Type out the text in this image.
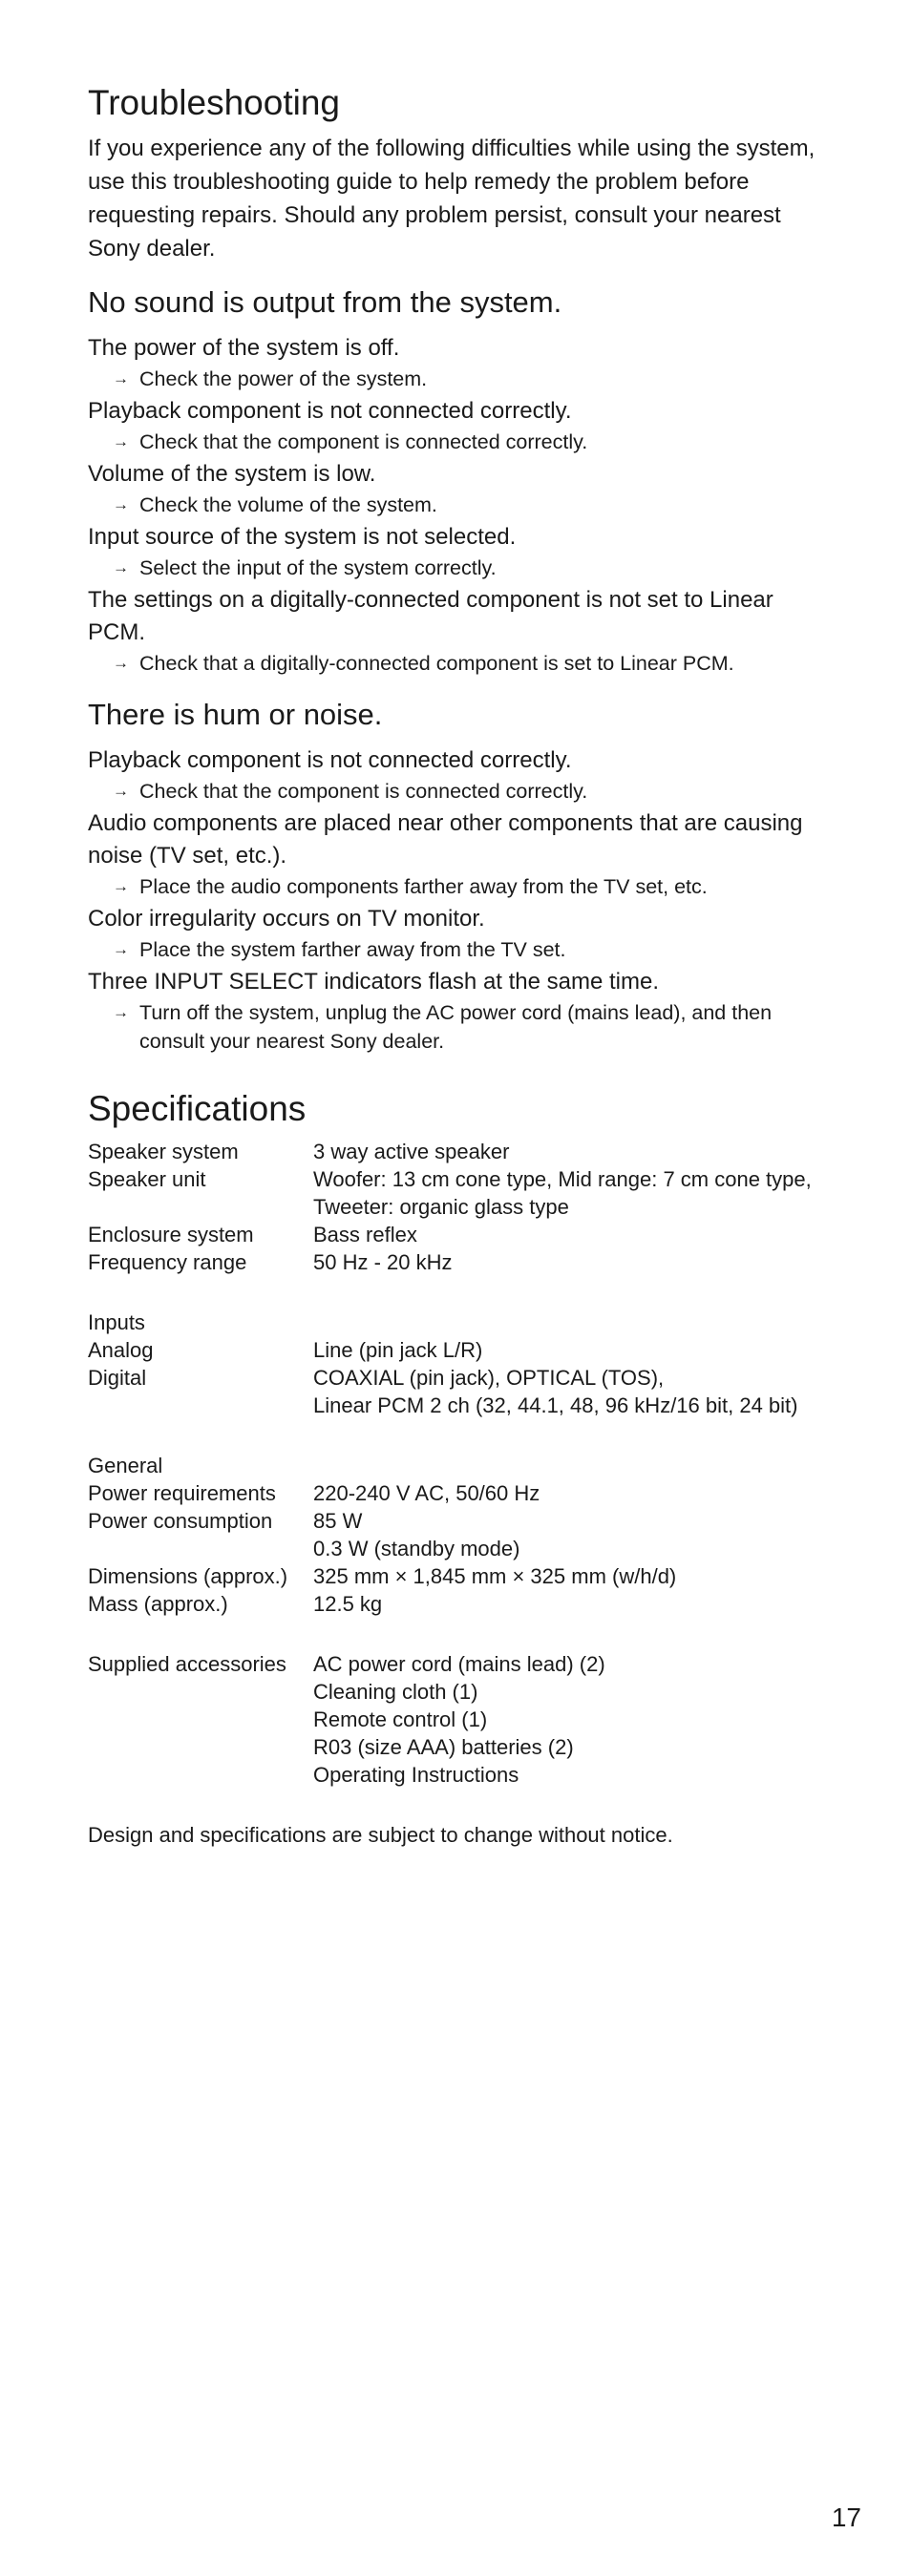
Troubleshooting

If you experience any of the following difficulties while using the system, use this troubleshooting guide to help remedy the problem before requesting repairs. Should any problem persist, consult your nearest Sony dealer.

No sound is output from the system.

The power of the system is off.

→ Check the power of the system.

Playback component is not connected correctly.

→ Check that the component is connected correctly.

Volume of the system is low.

→ Check the volume of the system.

Input source of the system is not selected.

→ Select the input of the system correctly.

The settings on a digitally-connected component is not set to Linear PCM.

→ Check that a digitally-connected component is set to Linear PCM.

There is hum or noise.

Playback component is not connected correctly.

→ Check that the component is connected correctly.

Audio components are placed near other components that are causing noise (TV set, etc.).

→ Place the audio components farther away from the TV set, etc.

Color irregularity occurs on TV monitor.

→ Place the system farther away from the TV set.

Three INPUT SELECT indicators flash at the same time.

→ Turn off the system, unplug the AC power cord (mains lead), and then consult your nearest Sony dealer.

Specifications
Speaker system	3 way active speaker
Speaker unit	Woofer: 13 cm cone type, Mid range: 7 cm cone type, Tweeter: organic glass type
Enclosure system	Bass reflex
Frequency range	50 Hz - 20 kHz
Inputs
Analog	Line (pin jack L/R)
Digital	COAXIAL (pin jack), OPTICAL (TOS),
Linear PCM 2 ch (32, 44.1, 48, 96 kHz/16 bit, 24 bit)
General
Power requirements	220-240 V AC, 50/60 Hz
Power consumption	85 W
0.3 W (standby mode)
Dimensions (approx.)	325 mm × 1,845 mm × 325 mm (w/h/d)
Mass (approx.)	12.5 kg
Supplied accessories	AC power cord (mains lead) (2)
Cleaning cloth (1)
Remote control (1)
R03 (size AAA) batteries (2)
Operating Instructions
Design and specifications are subject to change without notice.
17
